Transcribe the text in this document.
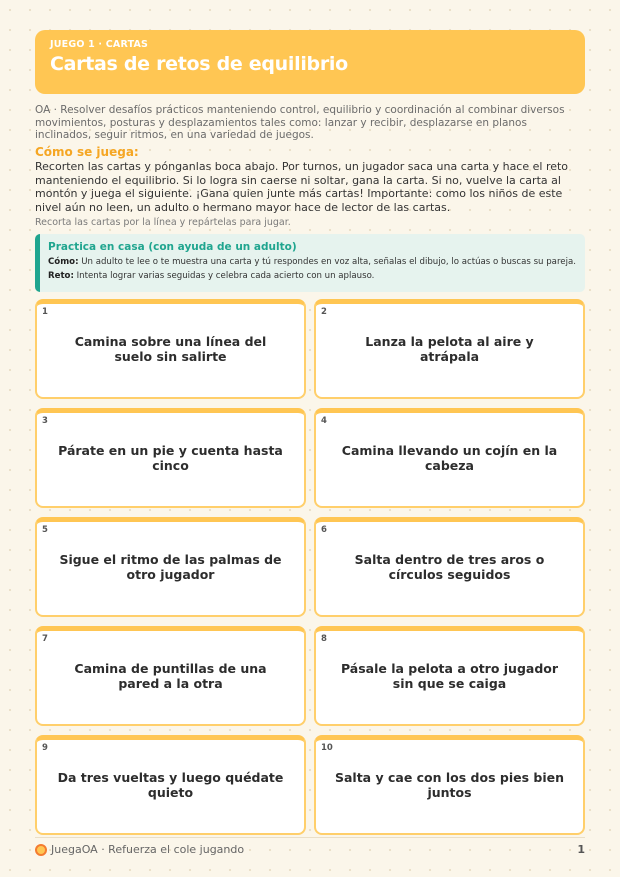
JUEGO 1 · CARTAS
Cartas de retos de equilibrio
OA · Resolver desafíos prácticos manteniendo control, equilibrio y coordinación al combinar diversos movimientos, posturas y desplazamientos tales como: lanzar y recibir, desplazarse en planos inclinados, seguir ritmos, en una variedad de juegos.
Cómo se juega:
Recorten las cartas y pónganlas boca abajo. Por turnos, un jugador saca una carta y hace el reto manteniendo el equilibrio. Si lo logra sin caerse ni soltar, gana la carta. Si no, vuelve la carta al montón y juega el siguiente. ¡Gana quien junte más cartas! Importante: como los niños de este nivel aún no leen, un adulto o hermano mayor hace de lector de las cartas.
Recorta las cartas por la línea y repártelas para jugar.
Practica en casa (con ayuda de un adulto)
Cómo: Un adulto te lee o te muestra una carta y tú respondes en voz alta, señalas el dibujo, lo actúas o buscas su pareja.
Reto: Intenta lograr varias seguidas y celebra cada acierto con un aplauso.
1
Camina sobre una línea del suelo sin salirte
2
Lanza la pelota al aire y atrápala
3
Párate en un pie y cuenta hasta cinco
4
Camina llevando un cojín en la cabeza
5
Sigue el ritmo de las palmas de otro jugador
6
Salta dentro de tres aros o círculos seguidos
7
Camina de puntillas de una pared a la otra
8
Pásale la pelota a otro jugador sin que se caiga
9
Da tres vueltas y luego quédate quieto
10
Salta y cae con los dos pies bien juntos
JuegaOA · Refuerza el cole jugando	1
